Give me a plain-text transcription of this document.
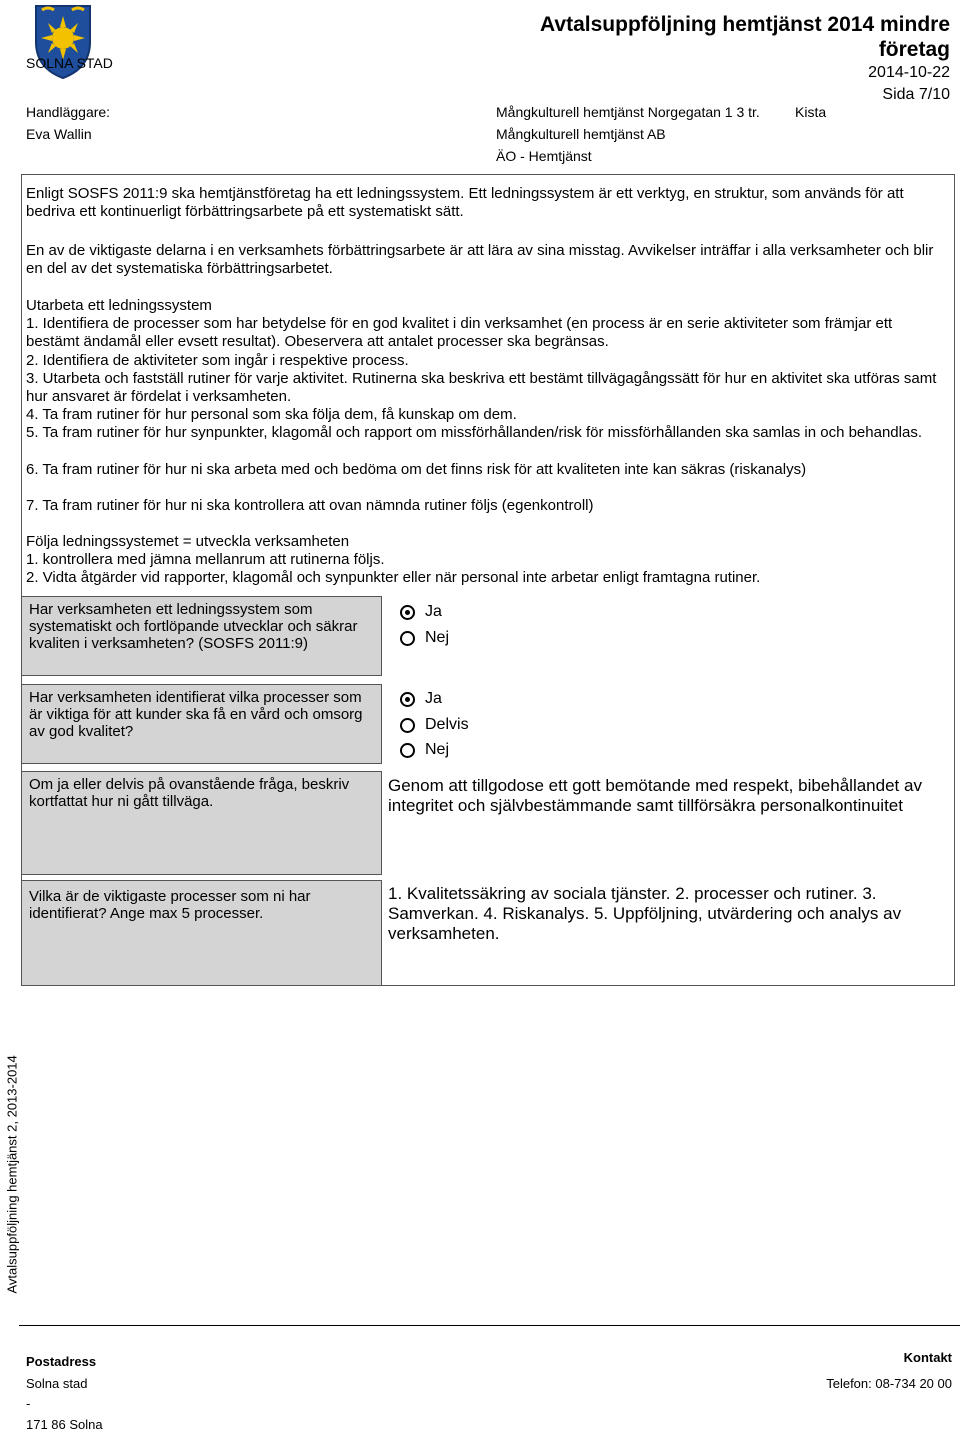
SOLNA STAD
Handläggare:
Eva Wallin
Avtalsuppföljning hemtjänst 2014 mindre företag
2014-10-22
Sida 7/10
Mångkulturell hemtjänst Norgegatan 1 3 tr.	Kista
Mångkulturell hemtjänst AB
ÄO - Hemtjänst
Enligt SOSFS 2011:9 ska hemtjänstföretag ha ett ledningssystem. Ett ledningssystem är ett verktyg, en struktur, som används för att bedriva ett kontinuerligt förbättringsarbete på ett systematiskt sätt.
En av de viktigaste delarna i en verksamhets förbättringsarbete är att lära av sina misstag. Avvikelser inträffar i alla verksamheter och blir en del av det systematiska förbättringsarbetet.
Utarbeta ett ledningssystem
1. Identifiera de processer som har betydelse för en god kvalitet i din verksamhet (en process är en serie aktiviteter som främjar ett bestämt ändamål eller evsett resultat). Obeservera att antalet processer ska begränsas.
2. Identifiera de aktiviteter som ingår i respektive process.
3. Utarbeta och fastställ rutiner för varje aktivitet. Rutinerna ska beskriva ett bestämt tillvägagångssätt för hur en aktivitet ska utföras samt hur ansvaret är fördelat i verksamheten.
4. Ta fram rutiner för hur personal som ska följa dem, få kunskap om dem.
5. Ta fram rutiner för hur synpunkter, klagomål och rapport om missförhållanden/risk för missförhållanden ska samlas in och behandlas.
6. Ta fram rutiner för hur ni ska arbeta med och bedöma om det finns risk för att kvaliteten inte kan säkras (riskanalys)
7. Ta fram rutiner för hur ni ska kontrollera att ovan nämnda rutiner följs (egenkontroll)
Följa ledningssystemet = utveckla verksamheten
1. kontrollera med jämna mellanrum att rutinerna följs.
2. Vidta åtgärder vid rapporter, klagomål och synpunkter eller när personal inte arbetar enligt framtagna rutiner.
Har verksamheten ett ledningssystem som systematiskt och fortlöpande utvecklar och säkrar kvaliten i verksamheten? (SOSFS 2011:9)
Ja
Nej
Har verksamheten identifierat vilka processer som är viktiga för att kunder ska få en vård och omsorg av god kvalitet?
Ja
Delvis
Nej
Om ja eller delvis på ovanstående fråga, beskriv kortfattat hur ni gått tillväga.
Genom att tillgodose ett gott bemötande med respekt, bibehållandet av integritet och självbestämmande samt tillförsäkra personalkontinuitet
Vilka är de viktigaste processer som ni har identifierat? Ange max 5 processer.
1. Kvalitetssäkring av sociala tjänster. 2. processer och rutiner. 3. Samverkan. 4. Riskanalys. 5. Uppföljning, utvärdering och analys av verksamheten.
Avtalsuppföljning hemtjänst 2, 2013-2014
Postadress
Solna stad
-
171 86 Solna
Kontakt
Telefon: 08-734 20 00
